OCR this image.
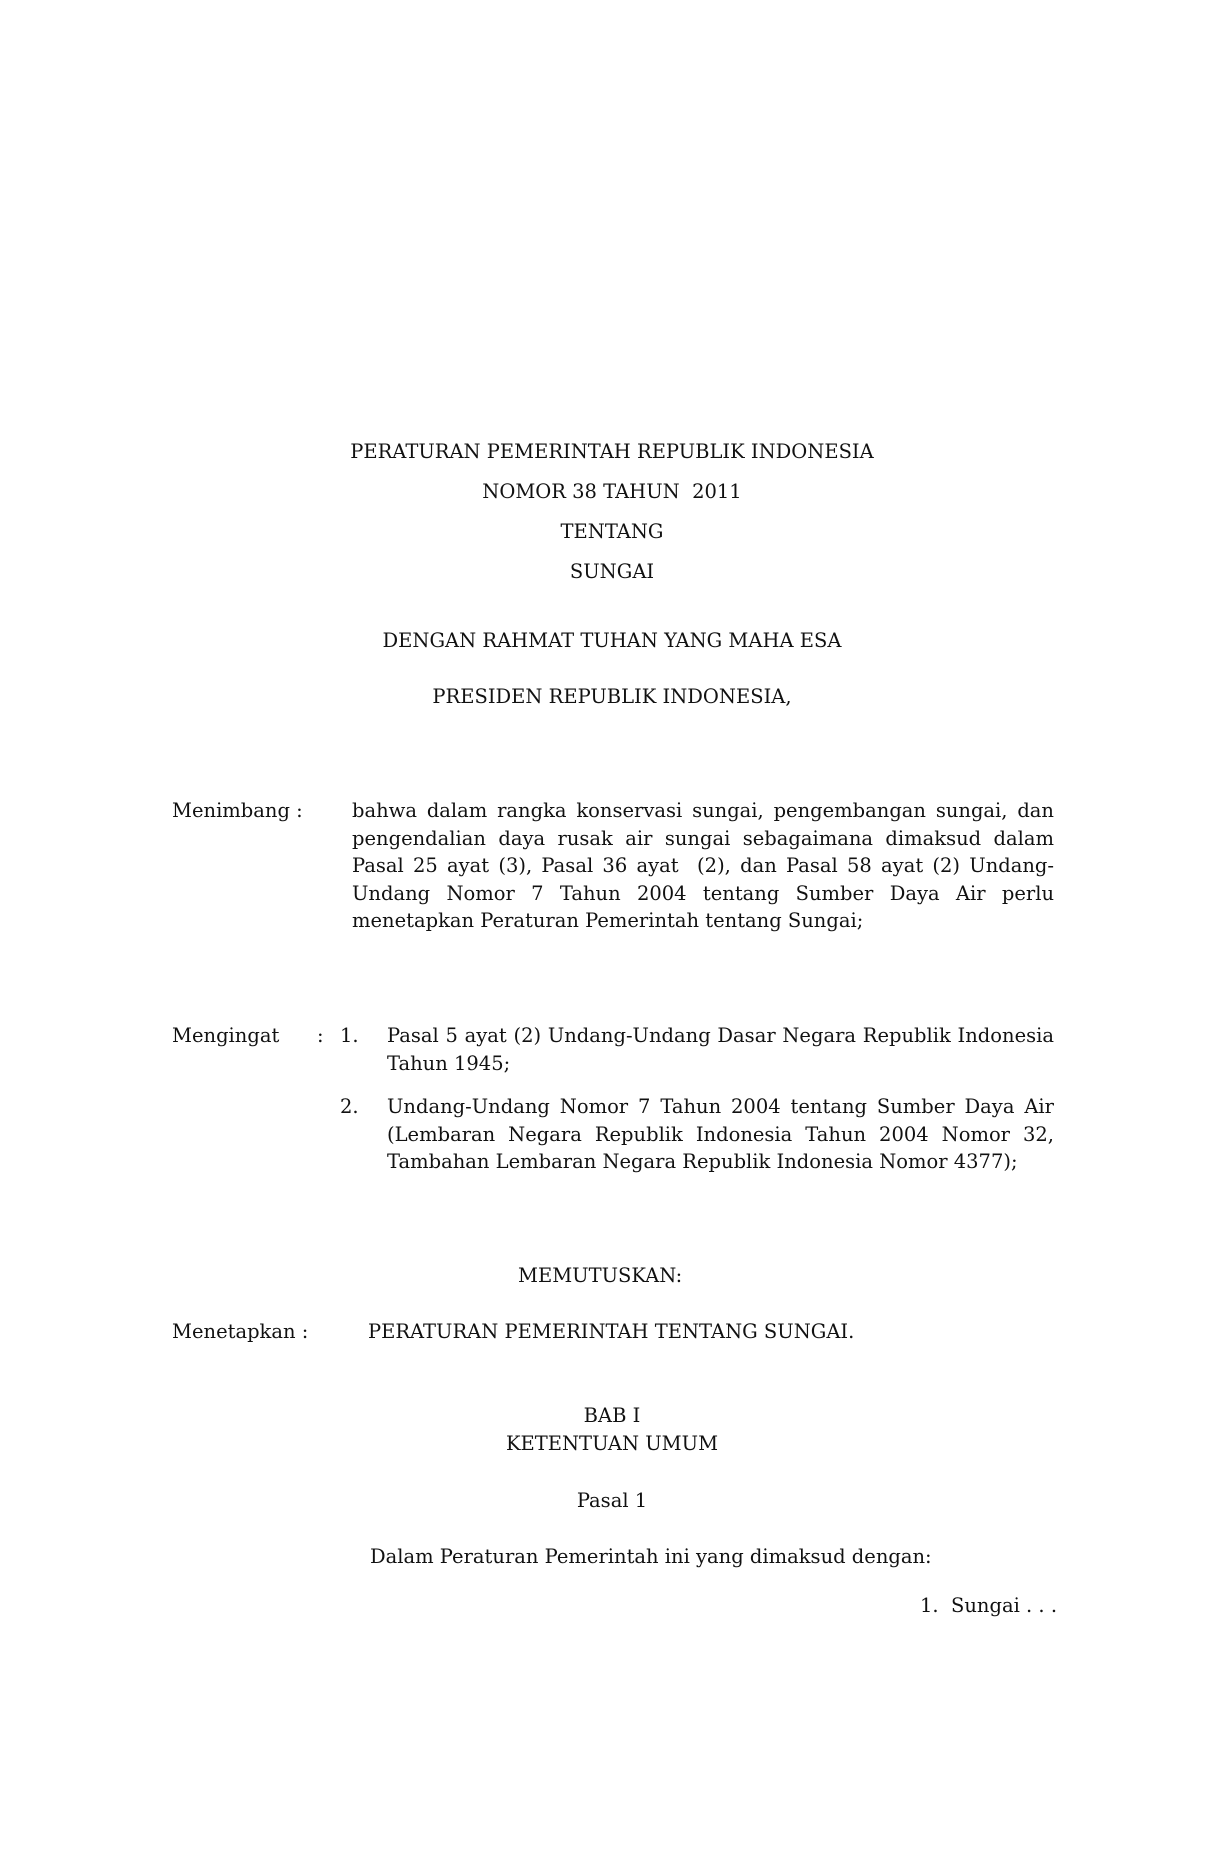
PERATURAN PEMERINTAH REPUBLIK INDONESIA
NOMOR 38 TAHUN  2011
TENTANG
SUNGAI
DENGAN RAHMAT TUHAN YANG MAHA ESA
PRESIDEN REPUBLIK INDONESIA,
Menimbang :	bahwa dalam rangka konservasi sungai, pengembangan sungai, dan pengendalian daya rusak air sungai sebagaimana dimaksud dalam Pasal 25 ayat (3), Pasal 36 ayat  (2), dan Pasal 58 ayat (2) Undang-Undang Nomor 7 Tahun 2004 tentang Sumber Daya Air perlu menetapkan Peraturan Pemerintah tentang Sungai;
Mengingat : 1. Pasal 5 ayat (2) Undang-Undang Dasar Negara Republik Indonesia Tahun 1945;
2. Undang-Undang Nomor 7 Tahun 2004 tentang Sumber Daya Air (Lembaran Negara Republik Indonesia Tahun 2004 Nomor 32, Tambahan Lembaran Negara Republik Indonesia Nomor 4377);
MEMUTUSKAN:
Menetapkan :	PERATURAN PEMERINTAH TENTANG SUNGAI.
BAB I
KETENTUAN UMUM
Pasal 1
Dalam Peraturan Pemerintah ini yang dimaksud dengan:
1.  Sungai . . .
